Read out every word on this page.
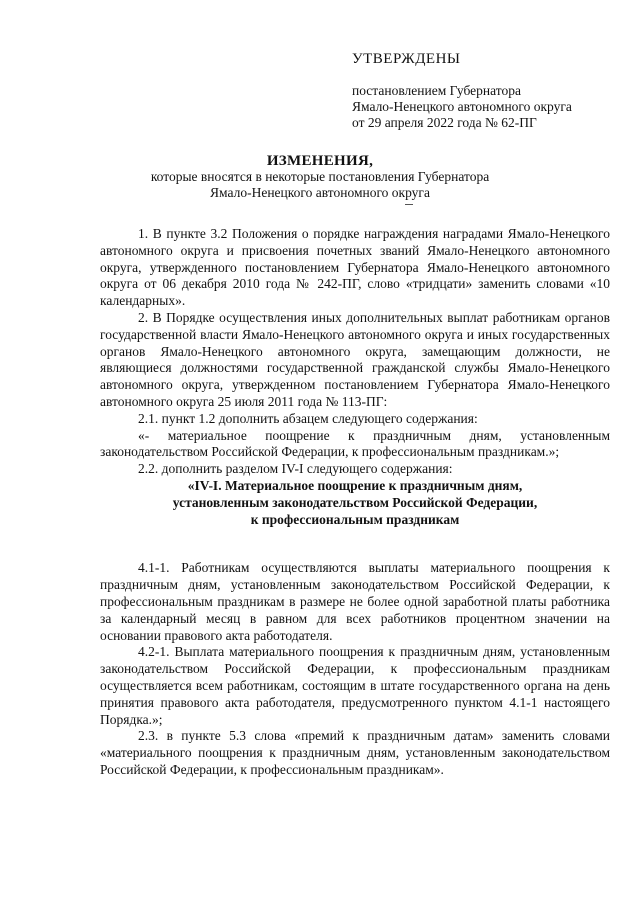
УТВЕРЖДЕНЫ
постановлением Губернатора
Ямало-Ненецкого автономного округа
от 29 апреля 2022 года № 62-ПГ
ИЗМЕНЕНИЯ,
которые вносятся в некоторые постановления Губернатора
Ямало-Ненецкого автономного округа

1. В пункте 3.2 Положения о порядке награждения наградами Ямало-Ненецкого автономного округа и присвоения почетных званий Ямало-Ненецкого автономного округа, утвержденного постановлением Губернатора Ямало-Ненецкого автономного округа от 06 декабря 2010 года № 242-ПГ, слово «тридцати» заменить словами «10 календарных».

2. В Порядке осуществления иных дополнительных выплат работникам органов государственной власти Ямало-Ненецкого автономного округа и иных государственных органов Ямало-Ненецкого автономного округа, замещающим должности, не являющиеся должностями государственной гражданской службы Ямало-Ненецкого автономного округа, утвержденном постановлением Губернатора Ямало-Ненецкого автономного округа 25 июля 2011 года № 113-ПГ:

2.1. пункт 1.2 дополнить абзацем следующего содержания:

«- материальное поощрение к праздничным дням, установленным законодательством Российской Федерации, к профессиональным праздникам.»;

2.2. дополнить разделом IV-I следующего содержания:

«IV-I. Материальное поощрение к праздничным дням,

установленным законодательством Российской Федерации,

к профессиональным праздникам

4.1-1. Работникам осуществляются выплаты материального поощрения к праздничным дням, установленным законодательством Российской Федерации, к профессиональным праздникам в размере не более одной заработной платы работника за календарный месяц в равном для всех работников процентном значении на основании правового акта работодателя.

4.2-1. Выплата материального поощрения к праздничным дням, установленным законодательством Российской Федерации, к профессиональным праздникам осуществляется всем работникам, состоящим в штате государственного органа на день принятия правового акта работодателя, предусмотренного пунктом 4.1-1 настоящего Порядка.»;

2.3. в пункте 5.3 слова «премий к праздничным датам» заменить словами «материального поощрения к праздничным дням, установленным законодательством Российской Федерации, к профессиональным праздникам».
